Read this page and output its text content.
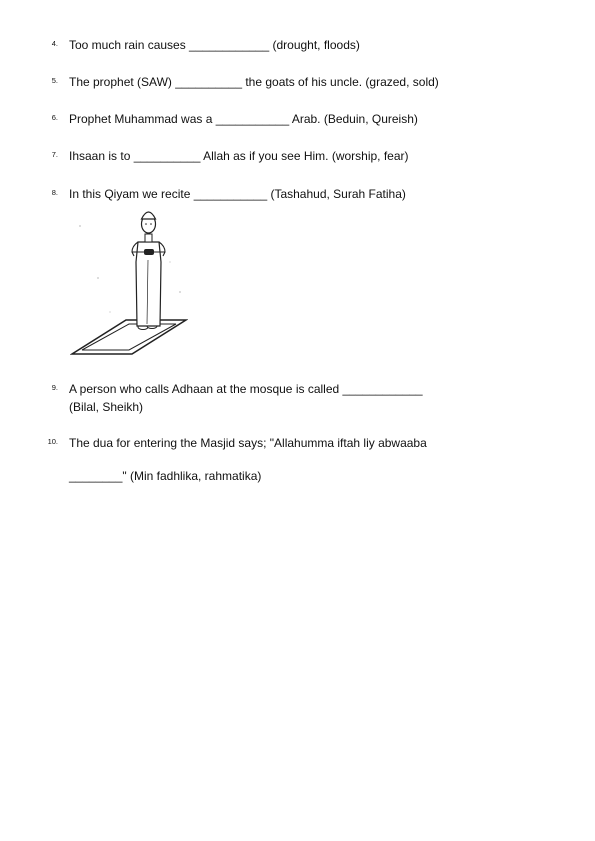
4. Too much rain causes ____________ (drought, floods)
5. The prophet (SAW) __________ the goats of his uncle. (grazed, sold)
6. Prophet Muhammad was a ___________ Arab. (Beduin, Qureish)
7. Ihsaan is to __________ Allah as if you see Him. (worship, fear)
8. In this Qiyam we recite ___________ (Tashahud, Surah Fatiha)
9. A person who calls Adhaan at the mosque is called ____________
(Bilal, Sheikh)
10. The dua for entering the Masjid says; "Allahumma iftah liy abwaaba
________" (Min fadhlika, rahmatika)
